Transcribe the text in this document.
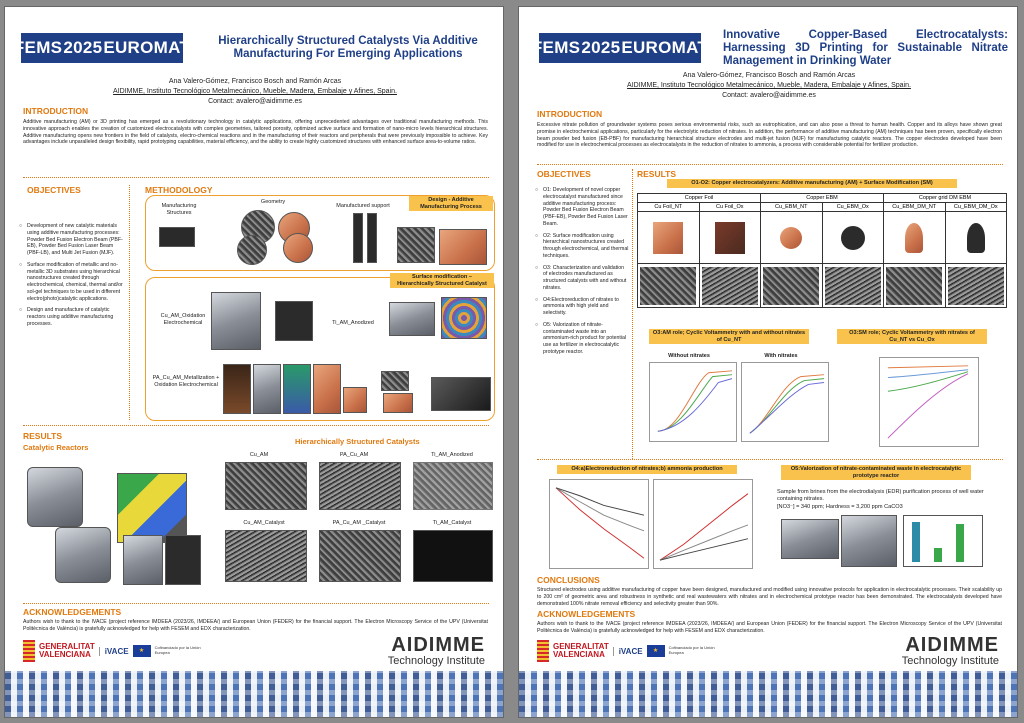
FEMS 2025 EUROMAT	Hierarchically Structured Catalysts Via Additive Manufacturing For Emerging Applications
Ana Valero-Gómez, Francisco Bosch and Ramón Arcas
AIDIMME, Instituto Tecnológico Metalmecánico, Mueble, Madera, Embalaje y Afines, Spain.
Contact: avalero@aidimme.es
INTRODUCTION
Additive manufacturing (AM) or 3D printing has emerged as a revolutionary technology in catalytic applications, offering unprecedented advantages over traditional manufacturing methods. This innovative approach enables the creation of customized electrocatalysts with complex geometries, tailored porosity, optimized active surface and formation of nano-micro levels hierarchical structures. Additive manufacturing opens new frontiers in the field of catalysts, electro-chemical reactions and in the manufacturing of their reactors and peripherals that were previously impossible to achieve. Key advantages include unparalleled design flexibility, rapid prototyping capabilities, material efficiency, and the ability to create highly customized structures with enhanced surface area-to-volume ratios.
OBJECTIVES
○ Development of new catalytic materials using additive manufacturing processes: Powder Bed Fusion Electron Beam (PBF-EB), Powder Bed Fusion Laser Beam (PBF-LB), and Multi Jet Fusion (MJF).
○ Surface modification of metallic and no-metallic 3D substrates using hierarchical nanostructures created through electrochemical, chemical, thermal and/or sol-gel techniques to be used in different electro(photo)catalytic applications.
○ Design and manufacture of catalytic reactors using additive manufacturing processes.
METHODOLOGY
Manufacturing Structures
Geometry
Manufactured support
Design - Additive Manufacturing Process
Surface modification – Hierarchically Structured Catalyst
Cu_AM_Oxidation Electrochemical	Ti_AM_Anodized
PA_Cu_AM_Metallization + Oxidation Electrochemical
RESULTS
Catalytic Reactors
Hierarchically Structured Catalysts
Cu_AM	PA_Cu_AM	Ti_AM_Anodized
Cu_AM_Catalyst	PA_Cu_AM _Catalyst	Ti_AM_Catalyst
ACKNOWLEDGEMENTS
Authors wish to thank to the IVACE (project reference IMDEEA (2023/26, IMDEEA/) and European Union (FEDER) for the financial support. The Electron Microscopy Service of the UPV (Universitat Politècnica de València) is gratefully acknowledged for help with FESEM and EDX characterization.
GENERALITAT
VALENCIANA	iVACE	★
Cofinanciado por la Unión Europea	AIDIMME
Technology Institute
FEMS 2025 EUROMAT
Innovative Copper-Based Electrocatalysts: Harnessing 3D Printing for Sustainable Nitrate Management in Drinking Water
Ana Valero-Gómez, Francisco Bosch and Ramón Arcas
AIDIMME, Instituto Tecnológico Metalmecánico, Mueble, Madera, Embalaje y Afines, Spain.
Contact: avalero@aidimme.es
INTRODUCTION
Excessive nitrate pollution of groundwater systems poses serious environmental risks, such as eutrophication, and can also pose a threat to human health. Copper and its alloys have shown great promise in electrochemical applications, particularly for the electrolytic reduction of nitrates. In addition, the performance of additive manufacturing (AM) techniques has been proven, specifically electron beam powder bed fusion (EB-PBF) for manufacturing hierarchical structure electrodes and multi-jet fusion (MJF) for manufacturing catalytic reactors. The copper electrodes developed have been modified for use in electrochemical processes as electrocatalysts in the reduction of nitrates to ammonia, a process with considerable potential for fertilizer production.
OBJECTIVES
○ O1: Development of novel copper electrocatalyst manufactured since additive manufacturing process: Powder Bed Fusion Electron Beam (PBF-EB), Powder Bed Fusion Laser Beam.
○ O2: Surface modification using hierarchical nanostructures created through electrochemical, and thermal techniques.
○ O3: Characterization and validation of electrodes manufactured as structured catalysts with and without nitrates.
○ O4:Electroreduction of nitrates to ammonia with high yield and selectivity.
○ O5: Valorization of nitrate-contaminated waste into an ammonium-rich product for potential use as fertilizer in electrocatalytic prototype reactor.
RESULTS
O1-O2: Copper electrocatalyzers: Additive manufacturing (AM) + Surface Modification (SM)
Copper Foil		Copper EBM		Copper grid DM EBM	
Cu Foil_NT	Cu Foil_Ox	Cu_EBM_NT	Cu_EBM_Ox	Cu_EBM_DM_NT	Cu_EBM_DM_Ox

O3:AM role; Cyclic Voltammetry with and without nitrates of Cu_NT
O3:SM role; Cyclic Voltammetry with nitrates of Cu_NT vs Cu_Ox
Without nitrates	With nitrates
O4:a)Electroreduction of nitrates;b) ammonia production	O5:Valorization of nitrate-contaminated waste in electrocatalytic prototype reactor
Sample from brines from the electrodialysis (EDR) purification process of well water containing nitrates.
[NO3⁻] = 340 ppm; Hardness = 3,200 ppm CaCO3
CONCLUSIONS
Structured electrodes using additive manufacturing of copper have been designed, manufactured and modified using innovative protocols for application in electrocatalytic processes. Their scalability up to 200 cm² of geometric area and robustness in synthetic and real wastewaters with nitrates and in electrochemical prototype reactor has been demonstrated. The electrocatalysts developed have demonstrated 100% nitrate removal efficiency and selectivity greater than 90%.
ACKNOWLEDGEMENTS
Authors wish to thank to the IVACE (project reference IMDEEA (2023/26, IMDEEA/) and European Union (FEDER) for the financial support. The Electron Microscopy Service of the UPV (Universitat Politècnica de València) is gratefully acknowledged for help with FESEM and EDX characterization.
GENERALITAT
VALENCIANA	iVACE	★
Cofinanciado por la Unión Europea	AIDIMME
Technology Institute
